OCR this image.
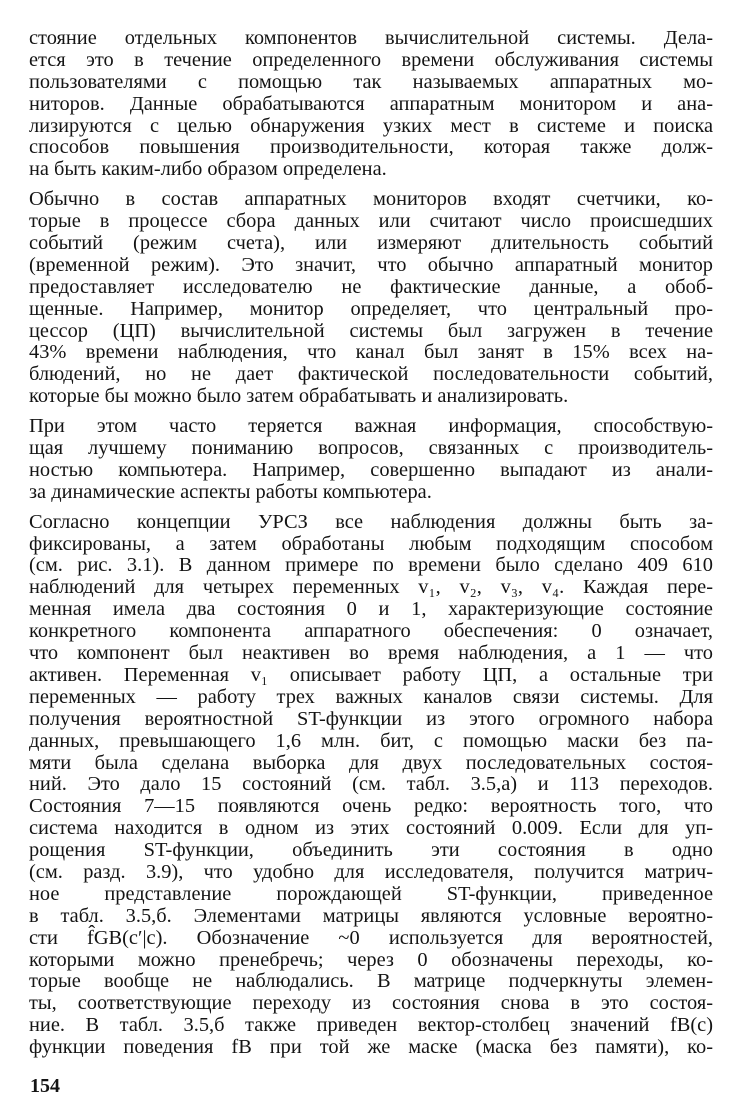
стояние отдельных компонентов вычислительной системы. Дела-
ется это в течение определенного времени обслуживания системы
пользователями с помощью так называемых аппаратных мо-
ниторов. Данные обрабатываются аппаратным монитором и ана-
лизируются с целью обнаружения узких мест в системе и поиска
способов повышения производительности, которая также долж-
на быть каким-либо образом определена.
Обычно в состав аппаратных мониторов входят счетчики, ко-
торые в процессе сбора данных или считают число происшедших
событий (режим счета), или измеряют длительность событий
(временной режим). Это значит, что обычно аппаратный монитор
предоставляет исследователю не фактические данные, а обоб-
щенные. Например, монитор определяет, что центральный про-
цессор (ЦП) вычислительной системы был загружен в течение
43% времени наблюдения, что канал был занят в 15% всех на-
блюдений, но не дает фактической последовательности событий,
которые бы можно было затем обрабатывать и анализировать.
При этом часто теряется важная информация, способствую-
щая лучшему пониманию вопросов, связанных с производитель-
ностью компьютера. Например, совершенно выпадают из анали-
за динамические аспекты работы компьютера.
Согласно концепции УРСЗ все наблюдения должны быть за-
фиксированы, а затем обработаны любым подходящим способом
(см. рис. 3.1). В данном примере по времени было сделано 409 610
наблюдений для четырех переменных v₁, v₂, v₃, v₄. Каждая пере-
менная имела два состояния 0 и 1, характеризующие состояние
конкретного компонента аппаратного обеспечения: 0 означает,
что компонент был неактивен во время наблюдения, а 1 — что
активен. Переменная v₁ описывает работу ЦП, а остальные три
переменных — работу трех важных каналов связи системы. Для
получения вероятностной ST-функции из этого огромного набора
данных, превышающего 1,6 млн. бит, с помощью маски без па-
мяти была сделана выборка для двух последовательных состоя-
ний. Это дало 15 состояний (см. табл. 3.5,а) и 113 переходов.
Состояния 7—15 появляются очень редко: вероятность того, что
система находится в одном из этих состояний 0.009. Если для уп-
рощения ST-функции, объединить эти состояния в одно
(см. разд. 3.9), что удобно для исследователя, получится матрич-
ное представление порождающей ST-функции, приведенное
в табл. 3.5,б. Элементами матрицы являются условные вероятно-
сти f̂GB(c′|c). Обозначение ~0 используется для вероятностей,
которыми можно пренебречь; через 0 обозначены переходы, ко-
торые вообще не наблюдались. В матрице подчеркнуты элемен-
ты, соответствующие переходу из состояния снова в это состоя-
ние. В табл. 3.5,б также приведен вектор-столбец значений fB(c)
функции поведения fB при той же маске (маска без памяти), ко-
154
